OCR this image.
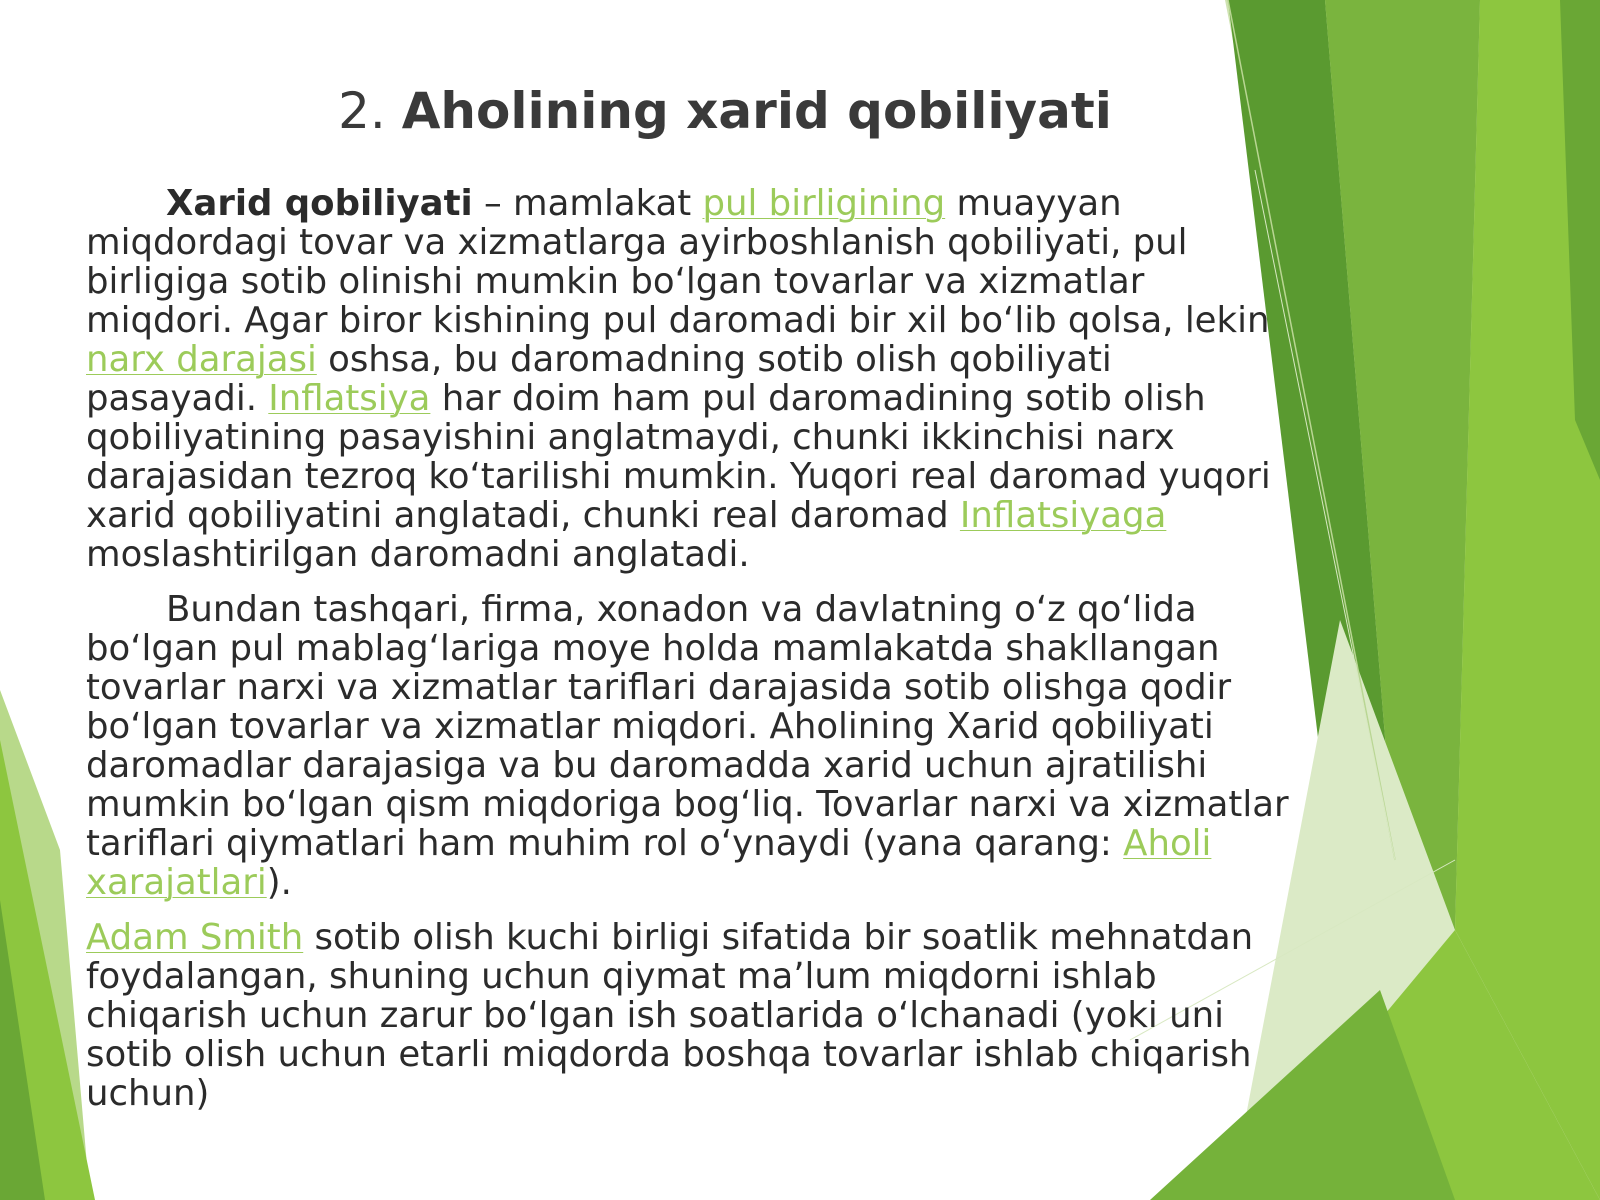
2. Aholining xarid qobiliyati

Xarid qobiliyati – mamlakat pul birligining muayyan miqdordagi tovar va xizmatlarga ayirboshlanish qobiliyati, pul birligiga sotib olinishi mumkin bo‘lgan tovarlar va xizmatlar miqdori. Agar biror kishining pul daromadi bir xil bo‘lib qolsa, lekin narx darajasi oshsa, bu daromadning sotib olish qobiliyati pasayadi. Inflatsiya har doim ham pul daromadining sotib olish qobiliyatining pasayishini anglatmaydi, chunki ikkinchisi narx darajasidan tezroq ko‘tarilishi mumkin. Yuqori real daromad yuqori xarid qobiliyatini anglatadi, chunki real daromad Inflatsiyaga moslashtirilgan daromadni anglatadi.

Bundan tashqari, firma, xonadon va davlatning o‘z qo‘lida bo‘lgan pul mablag‘lariga moye holda mamlakatda shakllangan tovarlar narxi va xizmatlar tariflari darajasida sotib olishga qodir bo‘lgan tovarlar va xizmatlar miqdori. Aholining Xarid qobiliyati daromadlar darajasiga va bu daromadda xarid uchun ajratilishi mumkin bo‘lgan qism miqdoriga bog‘liq. Tovarlar narxi va xizmatlar tariflari qiymatlari ham muhim rol o‘ynaydi (yana qarang: Aholi xarajatlari).

Adam Smith sotib olish kuchi birligi sifatida bir soatlik mehnatdan foydalangan, shuning uchun qiymat ma’lum miqdorni ishlab chiqarish uchun zarur bo‘lgan ish soatlarida o‘lchanadi (yoki uni sotib olish uchun etarli miqdorda boshqa tovarlar ishlab chiqarish uchun)
